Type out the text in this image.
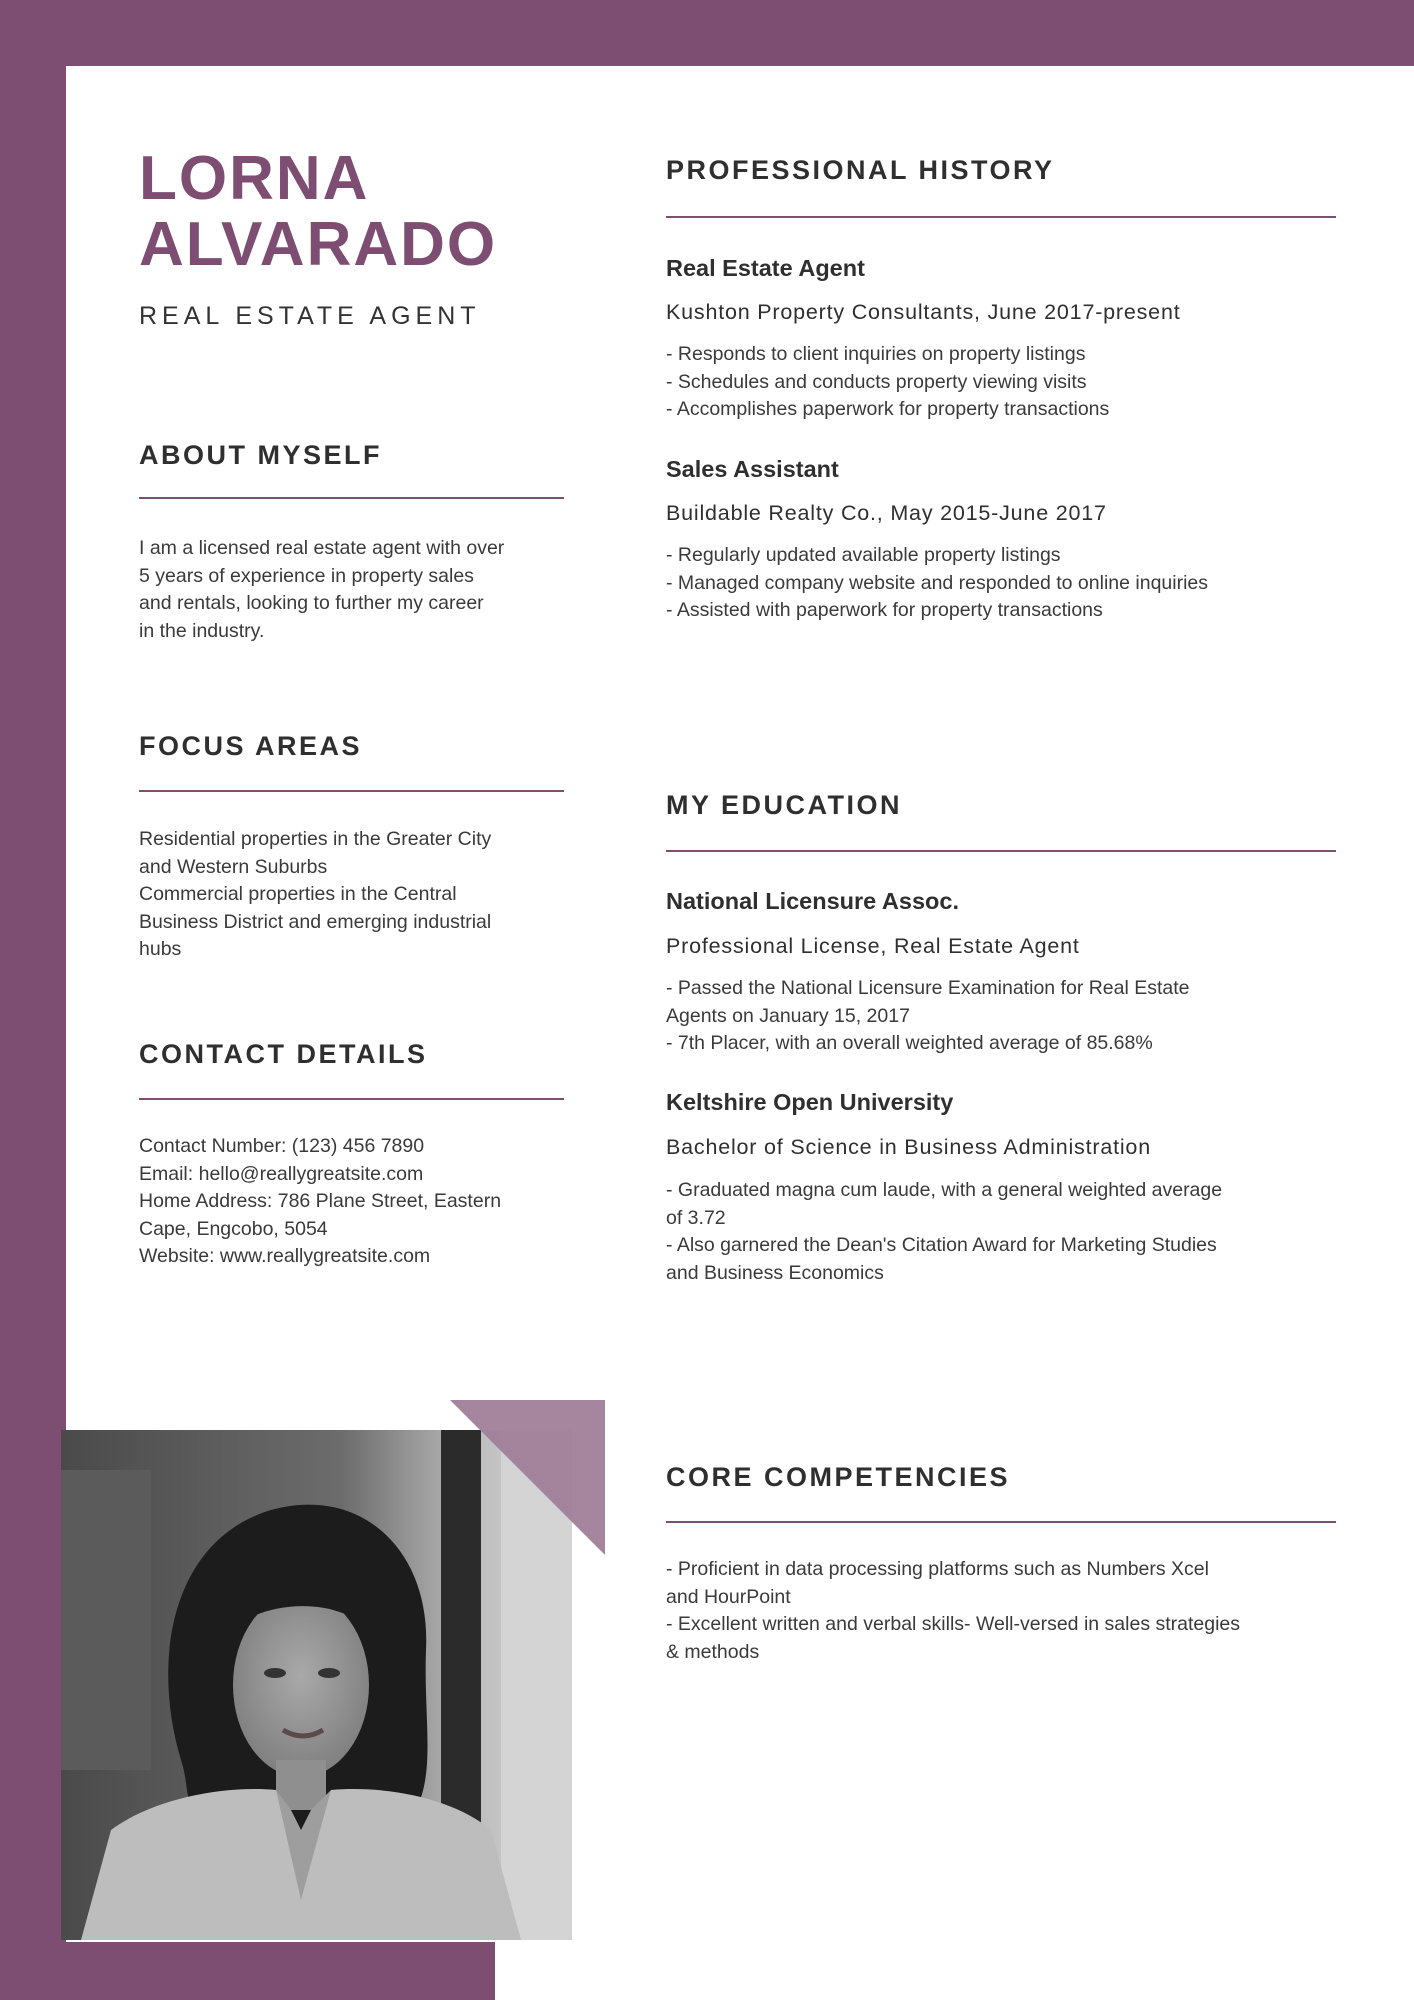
LORNA
ALVARADO
REAL ESTATE AGENT
ABOUT MYSELF

I am a licensed real estate agent with over

5 years of experience in property sales

and rentals, looking to further my career

in the industry.

FOCUS AREAS

Residential properties in the Greater City

and Western Suburbs

Commercial properties in the Central

Business District and emerging industrial

hubs

CONTACT DETAILS

Contact Number: (123) 456 7890

Email: hello@reallygreatsite.com

Home Address: 786 Plane Street, Eastern

Cape, Engcobo, 5054

Website: www.reallygreatsite.com

PROFESSIONAL HISTORY
Real Estate Agent
Kushton Property Consultants, June 2017-present

- Responds to client inquiries on property listings

- Schedules and conducts property viewing visits

- Accomplishes paperwork for property transactions

Sales Assistant
Buildable Realty Co., May 2015-June 2017

- Regularly updated available property listings

- Managed company website and responded to online inquiries

- Assisted with paperwork for property transactions

MY EDUCATION
National Licensure Assoc.
Professional License, Real Estate Agent

- Passed the National Licensure Examination for Real Estate

Agents on January 15, 2017

- 7th Placer, with an overall weighted average of 85.68%

Keltshire Open University
Bachelor of Science in Business Administration

- Graduated magna cum laude, with a general weighted average

of 3.72

- Also garnered the Dean's Citation Award for Marketing Studies

and Business Economics

CORE COMPETENCIES

- Proficient in data processing platforms such as Numbers Xcel

and HourPoint

- Excellent written and verbal skills- Well-versed in sales strategies

& methods
